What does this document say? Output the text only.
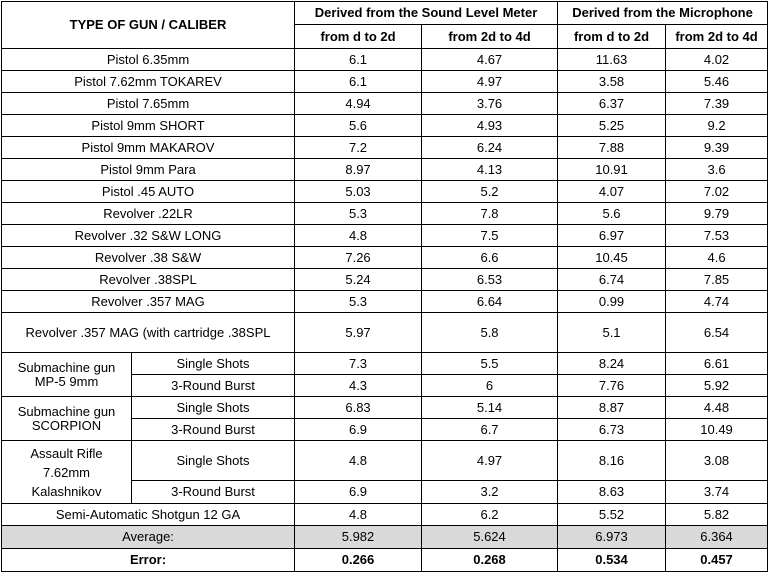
TYPE OF GUN / CALIBER		Derived from the Sound Level Meter		Derived from the Microphone	
		from d to 2d	from 2d to 4d	from d to 2d	from 2d to 4d
Pistol 6.35mm		6.1	4.67	11.63	4.02
Pistol 7.62mm TOKAREV		6.1	4.97	3.58	5.46
Pistol 7.65mm		4.94	3.76	6.37	7.39
Pistol 9mm SHORT		5.6	4.93	5.25	9.2
Pistol 9mm MAKAROV		7.2	6.24	7.88	9.39
Pistol 9mm Para		8.97	4.13	10.91	3.6
Pistol .45 AUTO		5.03	5.2	4.07	7.02
Revolver .22LR		5.3	7.8	5.6	9.79
Revolver .32 S&W LONG		4.8	7.5	6.97	7.53
Revolver .38 S&W		7.26	6.6	10.45	4.6
Revolver .38SPL		5.24	6.53	6.74	7.85
Revolver .357 MAG		5.3	6.64	0.99	4.74
Revolver .357 MAG (with cartridge .38SPL		5.97	5.8	5.1	6.54
Submachine gun
MP-5 9mm	Single Shots	7.3	5.5	8.24	6.61
	3-Round Burst	4.3	6	7.76	5.92
Submachine gun
SCORPION	Single Shots	6.83	5.14	8.87	4.48
	3-Round Burst	6.9	6.7	6.73	10.49
Assault Rifle
7.62mm
Kalashnikov	Single Shots	4.8	4.97	8.16	3.08
	3-Round Burst	6.9	3.2	8.63	3.74
Semi-Automatic Shotgun 12 GA		4.8	6.2	5.52	5.82
Average:		5.982	5.624	6.973	6.364
Error:		0.266	0.268	0.534	0.457
